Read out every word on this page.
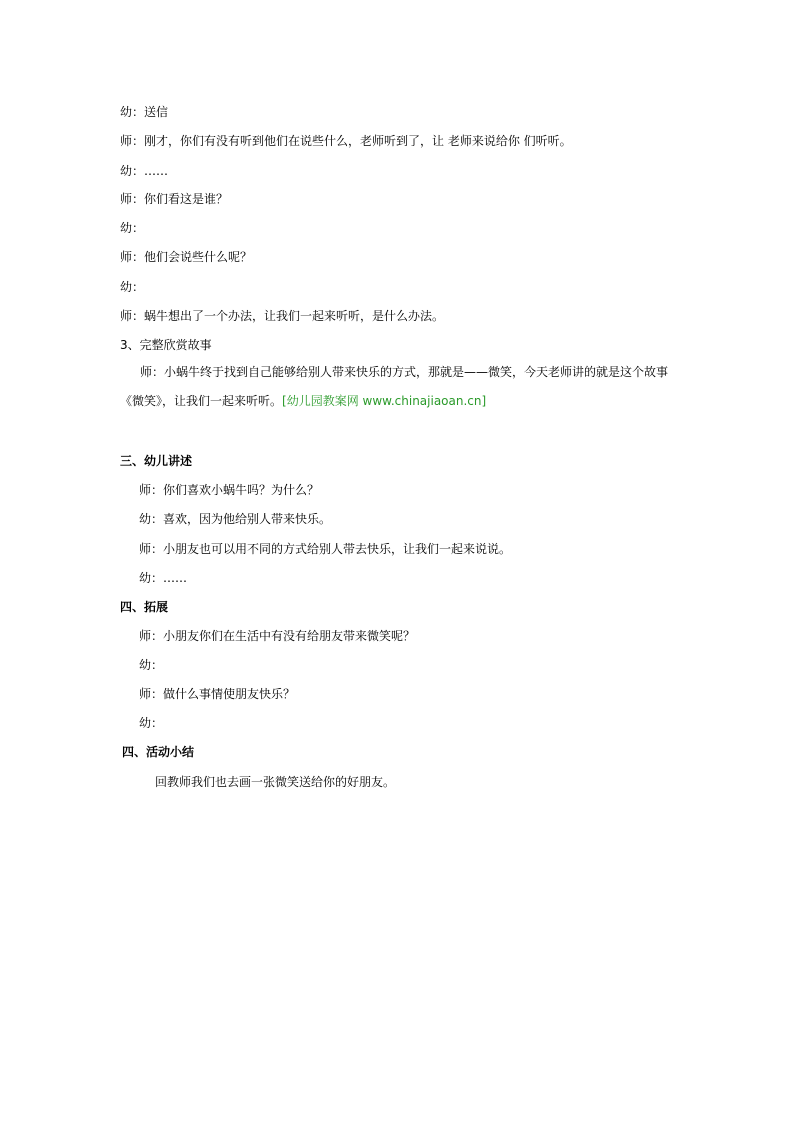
幼：送信
师：刚才，你们有没有听到他们在说些什么，老师听到了，让 老师来说给你 们听听。
幼：……
师：你们看这是谁？
幼：
师：他们会说些什么呢？
幼：
师：蜗牛想出了一个办法，让我们一起来听听，是什么办法。
3、完整欣赏故事
师：小蜗牛终于找到自己能够给别人带来快乐的方式，那就是——微笑，今天老师讲的就是这个故事《微笑》，让我们一起来听听。[幼儿园教案网 www.chinajiaoan.cn]
三、幼儿讲述
师：你们喜欢小蜗牛吗？为什么？
幼：喜欢，因为他给别人带来快乐。
师：小朋友也可以用不同的方式给别人带去快乐，让我们一起来说说。
幼：……
四、拓展
师：小朋友你们在生活中有没有给朋友带来微笑呢？
幼：
师：做什么事情使朋友快乐？
幼：
四、活动小结
回教师我们也去画一张微笑送给你的好朋友。
